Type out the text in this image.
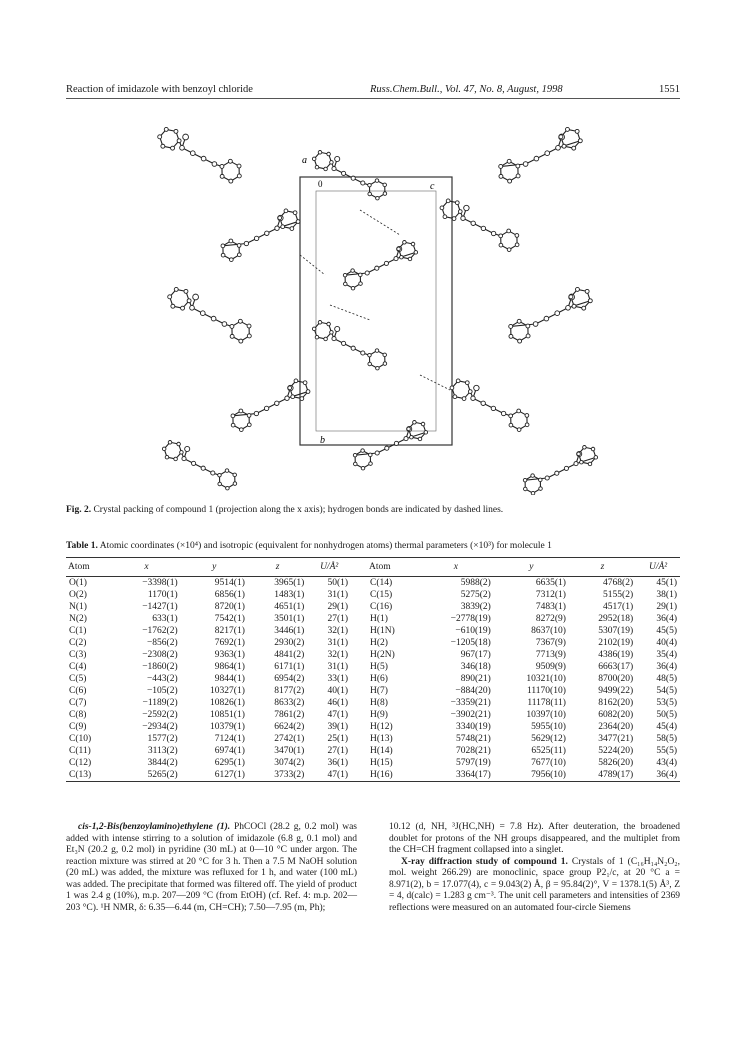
Reaction of imidazole with benzoyl chloride	Russ.Chem.Bull., Vol. 47, No. 8, August, 1998	1551
a
0	c
b
Fig. 2. Crystal packing of compound 1 (projection along the x axis); hydrogen bonds are indicated by dashed lines.
Table 1. Atomic coordinates (×10⁴) and isotropic (equivalent for nonhydrogen atoms) thermal parameters (×10³) for molecule 1
Atom	x	y	z	U/Å²		Atom	x	y	z	U/Å²
O(1)	−3398(1)	9514(1)	3965(1)	50(1)		C(14)	5988(2)	6635(1)	4768(2)	45(1)
O(2)	1170(1)	6856(1)	1483(1)	31(1)		C(15)	5275(2)	7312(1)	5155(2)	38(1)
N(1)	−1427(1)	8720(1)	4651(1)	29(1)		C(16)	3839(2)	7483(1)	4517(1)	29(1)
N(2)	633(1)	7542(1)	3501(1)	27(1)		H(1)	−2778(19)	8272(9)	2952(18)	36(4)
C(1)	−1762(2)	8217(1)	3446(1)	32(1)		H(1N)	−610(19)	8637(10)	5307(19)	45(5)
C(2)	−856(2)	7692(1)	2930(2)	31(1)		H(2)	−1205(18)	7367(9)	2102(19)	40(4)
C(3)	−2308(2)	9363(1)	4841(2)	32(1)		H(2N)	967(17)	7713(9)	4386(19)	35(4)
C(4)	−1860(2)	9864(1)	6171(1)	31(1)		H(5)	346(18)	9509(9)	6663(17)	36(4)
C(5)	−443(2)	9844(1)	6954(2)	33(1)		H(6)	890(21)	10321(10)	8700(20)	48(5)
C(6)	−105(2)	10327(1)	8177(2)	40(1)		H(7)	−884(20)	11170(10)	9499(22)	54(5)
C(7)	−1189(2)	10826(1)	8633(2)	46(1)		H(8)	−3359(21)	11178(11)	8162(20)	53(5)
C(8)	−2592(2)	10851(1)	7861(2)	47(1)		H(9)	−3902(21)	10397(10)	6082(20)	50(5)
C(9)	−2934(2)	10379(1)	6624(2)	39(1)		H(12)	3340(19)	5955(10)	2364(20)	45(4)
C(10)	1577(2)	7124(1)	2742(1)	25(1)		H(13)	5748(21)	5629(12)	3477(21)	58(5)
C(11)	3113(2)	6974(1)	3470(1)	27(1)		H(14)	7028(21)	6525(11)	5224(20)	55(5)
C(12)	3844(2)	6295(1)	3074(2)	36(1)		H(15)	5797(19)	7677(10)	5826(20)	43(4)
C(13)	5265(2)	6127(1)	3733(2)	47(1)		H(16)	3364(17)	7956(10)	4789(17)	36(4)

cis-1,2-Bis(benzoylamino)ethylene (1). PhCOCl (28.2 g, 0.2 mol) was added with intense stirring to a solution of imidazole (6.8 g, 0.1 mol) and Et₃N (20.2 g, 0.2 mol) in pyridine (30 mL) at 0—10 °C under argon. The reaction mixture was stirred at 20 °C for 3 h. Then a 7.5 M NaOH solution (20 mL) was added, the mixture was refluxed for 1 h, and water (100 mL) was added. The precipitate that formed was filtered off. The yield of product 1 was 2.4 g (10%), m.p. 207—209 °C (from EtOH) (cf. Ref. 4: m.p. 202—203 °C). ¹H NMR, δ: 6.35—6.44 (m, CH=CH); 7.50—7.95 (m, Ph);

10.12 (d, NH, ³J(HC,NH) = 7.8 Hz). After deuteration, the broadened doublet for protons of the NH groups disappeared, and the multiplet from the CH=CH fragment collapsed into a singlet.

X-ray diffraction study of compound 1. Crystals of 1 (C₁₆H₁₄N₂O₂, mol. weight 266.29) are monoclinic, space group P2₁/c, at 20 °C a = 8.971(2), b = 17.077(4), c = 9.043(2) Å, β = 95.84(2)°, V = 1378.1(5) Å³, Z = 4, d(calc) = 1.283 g cm⁻³. The unit cell parameters and intensities of 2369 reflections were measured on an automated four-circle Siemens
